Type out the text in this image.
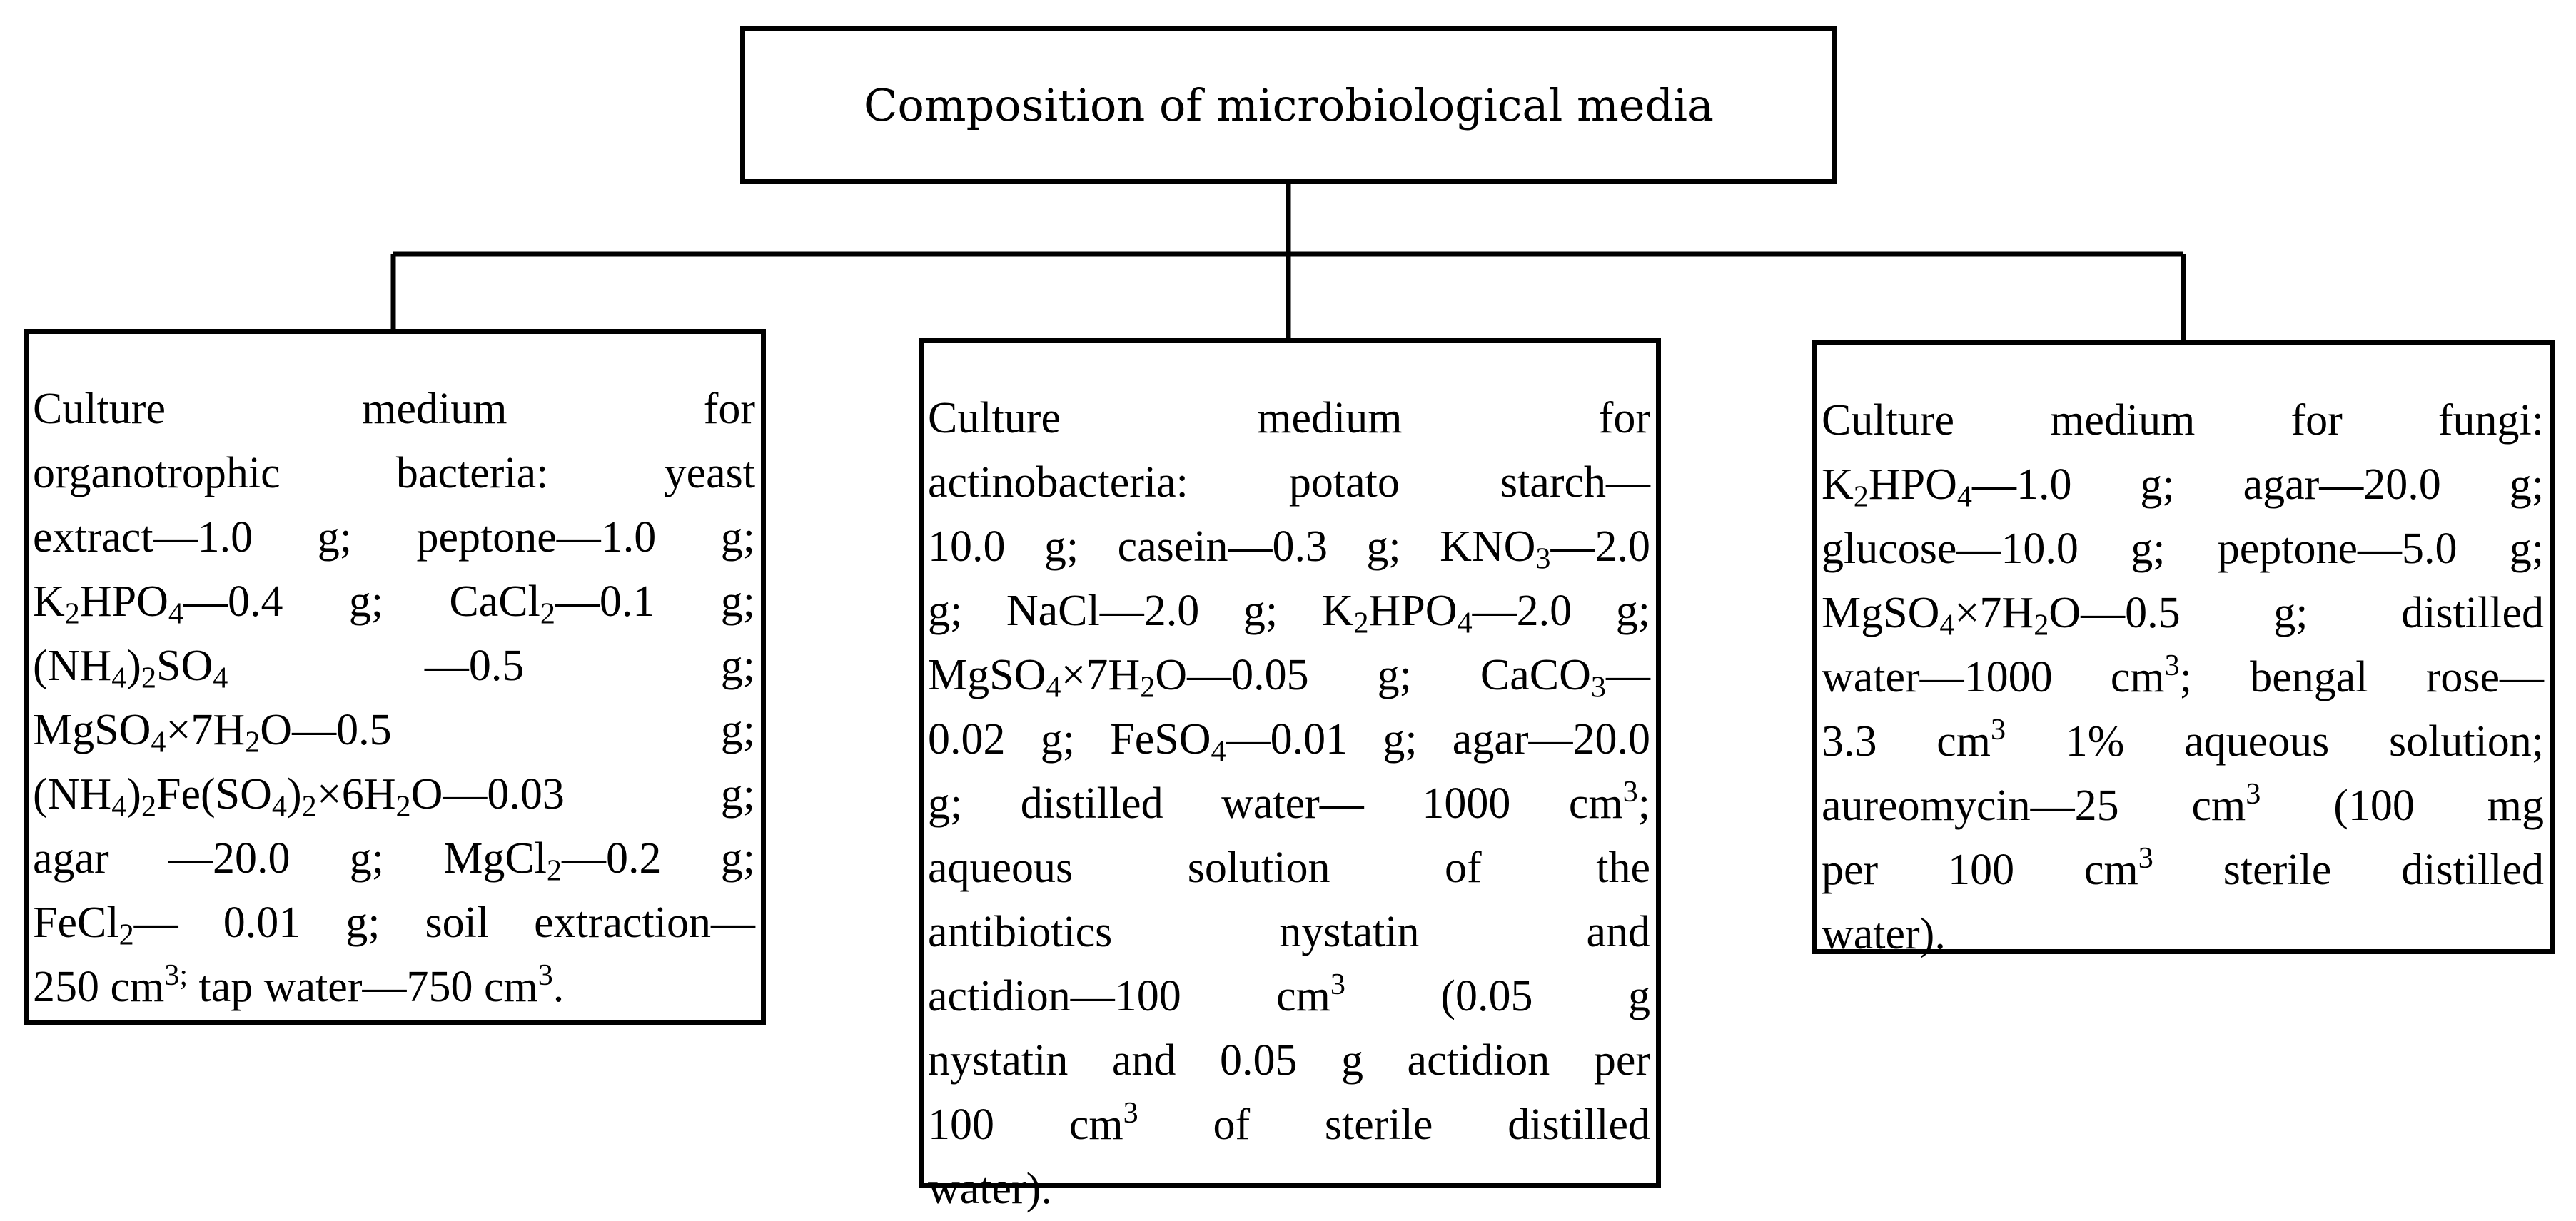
Composition of microbiological media
Culture medium for
organotrophic bacteria: yeast
extract—1.0 g; peptone—1.0 g;
$K_2HPO_4—0.4$ g; CaCl$_2$—0.1 g;
$(NH_4)_2SO_4$ —0.5 g;
$MgSO_4\times 7H_2O—0.5$ g;
$(NH_4)_2Fe(SO_4)_2\times 6H_2O—0.03$ g;
agar —20.0 g; MgCl$_2$—0.2 g;
FeCl$_2$— 0.01 g; soil extraction—
250 $cm^{3;}$ tap water—750 $cm^3$.
Culture medium for
actinobacteria: potato starch—
10.0 g; casein—0.3 g; $KNO_3—2.0$
g; NaCl—2.0 g; $K_2HPO_4—2.0$ g;
$MgSO_4\times 7H_2O—0.05$ g; CaCO$_3$—
0.02 g; FeSO$_4$—0.01 g; agar—20.0
g; distilled water— 1000 $cm^3$;
aqueous solution of the
antibiotics nystatin and
actidion—100 $cm^3$ (0.05 g
nystatin and 0.05 g actidion per
100 $cm^3$ of sterile distilled
water).
Culture medium for fungi:
$K_2HPO_4—1.0$ g; agar—20.0 g;
glucose—10.0 g; peptone—5.0 g;
$MgSO_4\times 7H_2O—0.5$ g; distilled
water—1000 $cm^3$; bengal rose—
3.3 $cm^3$ 1% aqueous solution;
aureomycin—25 $cm^3$ (100 mg
per 100 $cm^3$ sterile distilled
water).
